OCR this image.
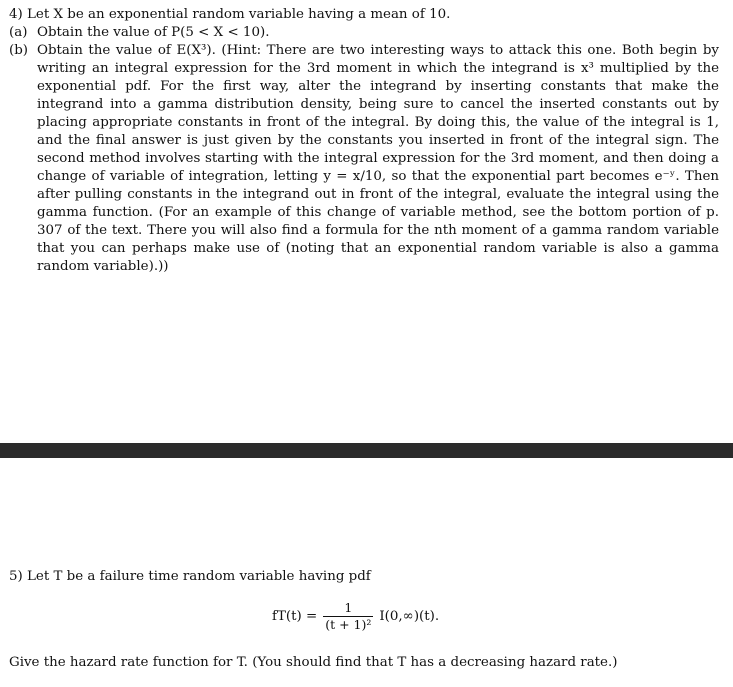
4) Let X be an exponential random variable having a mean of 10.
(a) Obtain the value of P(5 < X < 10).
(b) Obtain the value of E(X³). (Hint: There are two interesting ways to attack this one. Both begin by writing an integral expression for the 3rd moment in which the integrand is x³ multiplied by the exponential pdf. For the first way, alter the integrand by inserting constants that make the integrand into a gamma distribution density, being sure to cancel the inserted constants out by placing appropriate constants in front of the integral. By doing this, the value of the integral is 1, and the final answer is just given by the constants you inserted in front of the integral sign. The second method involves starting with the integral expression for the 3rd moment, and then doing a change of variable of integration, letting y = x/10, so that the exponential part becomes e⁻ʸ. Then after pulling constants in the integrand out in front of the integral, evaluate the integral using the gamma function. (For an example of this change of variable method, see the bottom portion of p. 307 of the text. There you will also find a formula for the nth moment of a gamma random variable that you can perhaps make use of (noting that an exponential random variable is also a gamma random variable).))
5) Let T be a failure time random variable having pdf
$fT(t) = \frac{1}{\text{(t + 1)²}} I(0,\infty)(t)$.
Give the hazard rate function for T. (You should find that T has a decreasing hazard rate.)
